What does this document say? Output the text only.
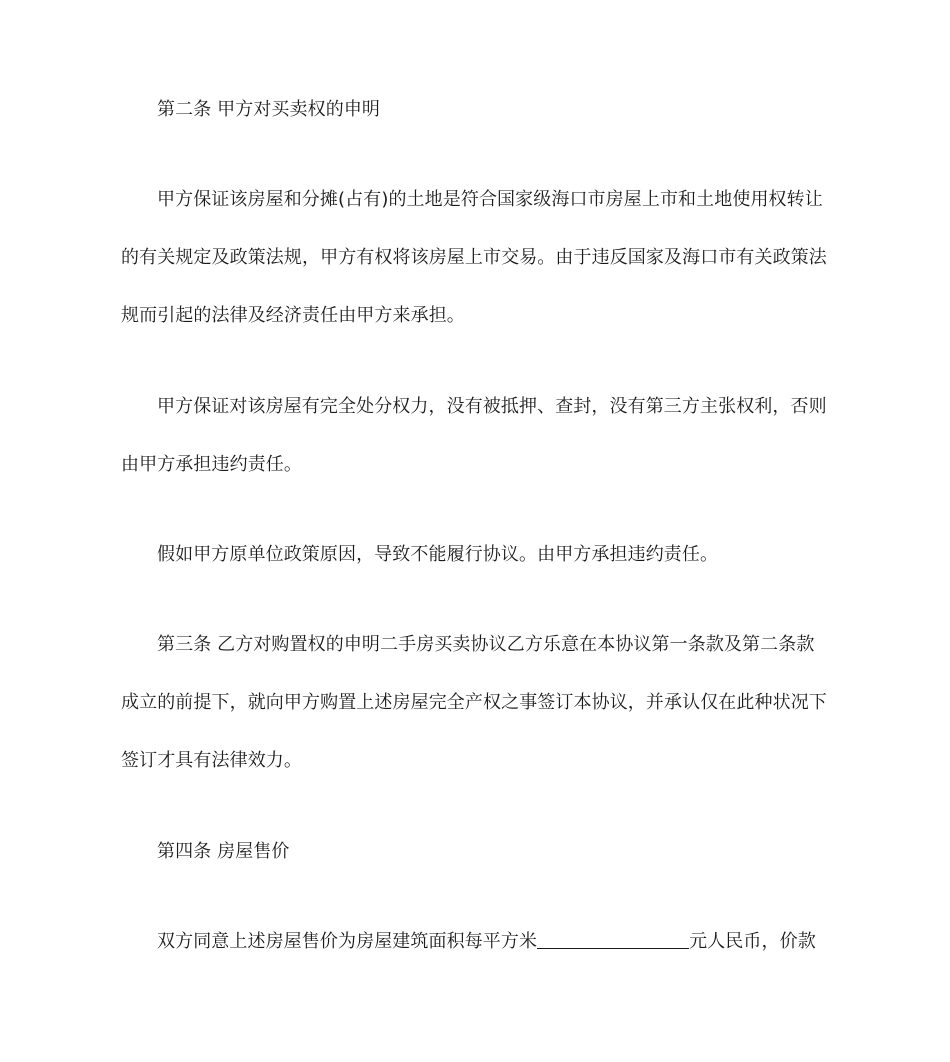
第二条 甲方对买卖权的申明

甲方保证该房屋和分摊(占有)的土地是符合国家级海口市房屋上市和土地使用权转让
的有关规定及政策法规，甲方有权将该房屋上市交易。由于违反国家及海口市有关政策法
规而引起的法律及经济责任由甲方来承担。

甲方保证对该房屋有完全处分权力，没有被抵押、查封，没有第三方主张权利，否则
由甲方承担违约责任。

假如甲方原单位政策原因，导致不能履行协议。由甲方承担违约责任。

第三条 乙方对购置权的申明二手房买卖协议乙方乐意在本协议第一条款及第二条款
成立的前提下，就向甲方购置上述房屋完全产权之事签订本协议，并承认仅在此种状况下
签订才具有法律效力。

第四条 房屋售价

双方同意上述房屋售价为房屋建筑面积每平方米	元人民币，价款
